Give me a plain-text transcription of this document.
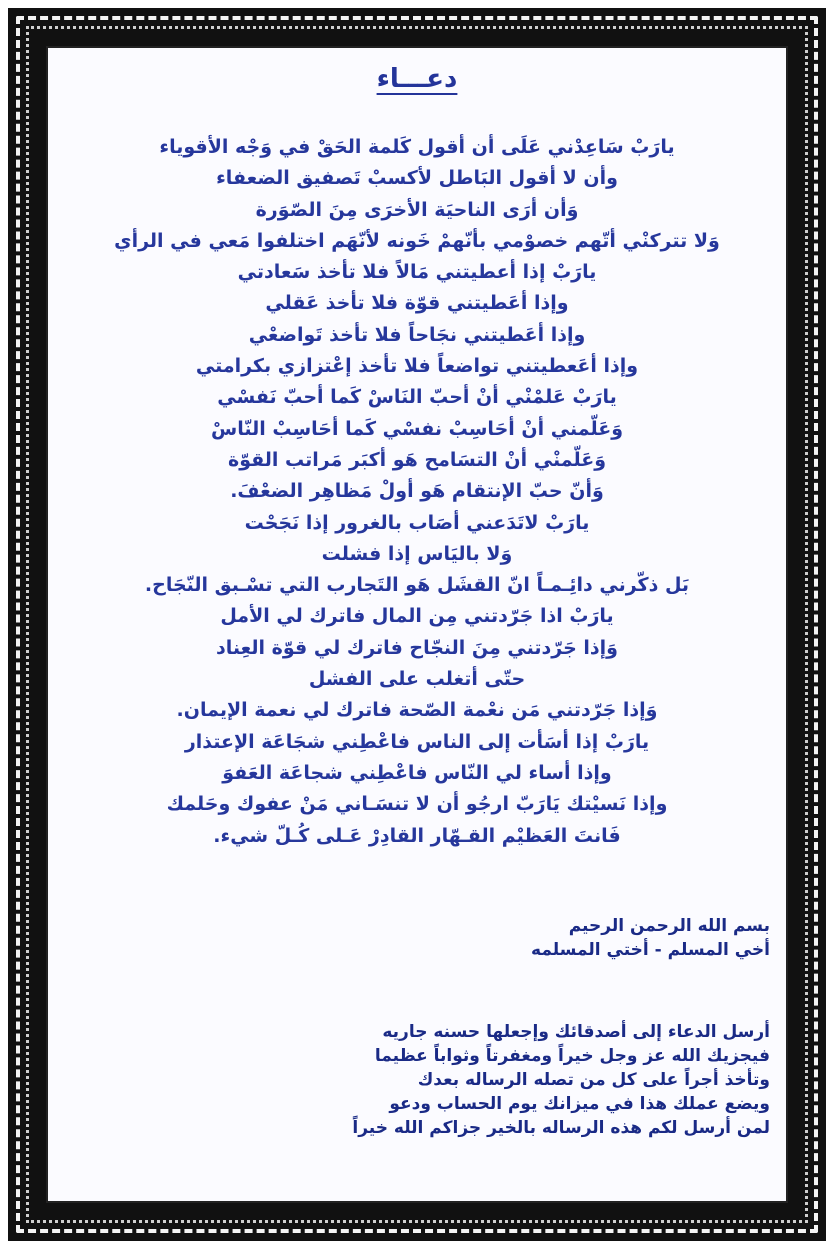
دعـــاء
يارَبْ سَاعِدْني عَلَى أن أقول كَلمة الحَقْ في وَجْه الأقوياء
وأن لا أقول البَاطل لأكسبْ تَصفيق الضعفاء
وَأن أرَى الناحيَة الأخرَى مِنَ الصّوَرة
وَلا تتركنْي أتّهم خصوْمي بأنّهمْ خَونه لأنّهَم اختلفوا مَعي في الرأي
يارَبْ إذا أعطيتني مَالاً فلا تأخذ سَعادتي
وإذا أعَطيتني قوّة فلا تأخذ عَقلي
وإذا أعَطيتني نجَاحاً فلا تأخذ تَواضعْي
وإذا أعَعطيتني تواضعاً فلا تأخذ إعْتزازي بكرامتي
يارَبْ عَلمْنْي أنْ أحبّ النَاسْ كَما أحبّ نَفسْي
وَعَلّمني أنْ أحَاسِبْ نفسْي كَما أحَاسِبْ النّاسْ
وَعَلّمنْي أنْ التسَامح هَو أكبَر مَراتب القوّة
وَأنّ حبّ الإنتقام هَو أولْ مَظاهِر الضعْفَ.
يارَبْ لاتَدَعني أصَاب بالغرور إذا نَجَحْت
وَلا باليَاس إذا فشلت
بَل ذكّرني دائِـمـاً انّ القشَل هَو التَجارب التي تسْـبق النّجَاح.
يارَبْ اذا جَرّدتني مِن المال فاترك لي الأمل
وَإذا جَرّدتني مِنَ النجّاح فاترك لي قوّة العِناد
حتّى أتغلب على الفشل
وَإذا جَرّدتني مَن نعْمة الصّحة فاترك لي نعمة الإيمان.
يارَبْ إذا أسَأت إلى الناس فاعْطِني شجَاعَة الإعتذار
وإذا أساء لي النّاس فاعْطِني شجاعَة العَفوَ
وإذا نَسيْتك يَارَبّ ارجُو أن لا تنسَـاني مَنْ عفوك وحَلمك
فَانتَ العَظيْم القـهّار القادِرْ عَـلى كُـلّ شيء.
بسم الله الرحمن الرحيم
أخي المسلم - أختي المسلمه
أرسل الدعاء إلى أصدقائك وإجعلها حسنه جاريه
فيجزيك الله عز وجل خيراً ومغفرتاً وثواباً عظيما
وتأخذ أجراً على كل من تصله الرساله بعدك
ويضع عملك هذا في ميزانك يوم الحساب ودعو
لمن أرسل لكم هذه الرساله بالخير جزاكم الله خيراً
